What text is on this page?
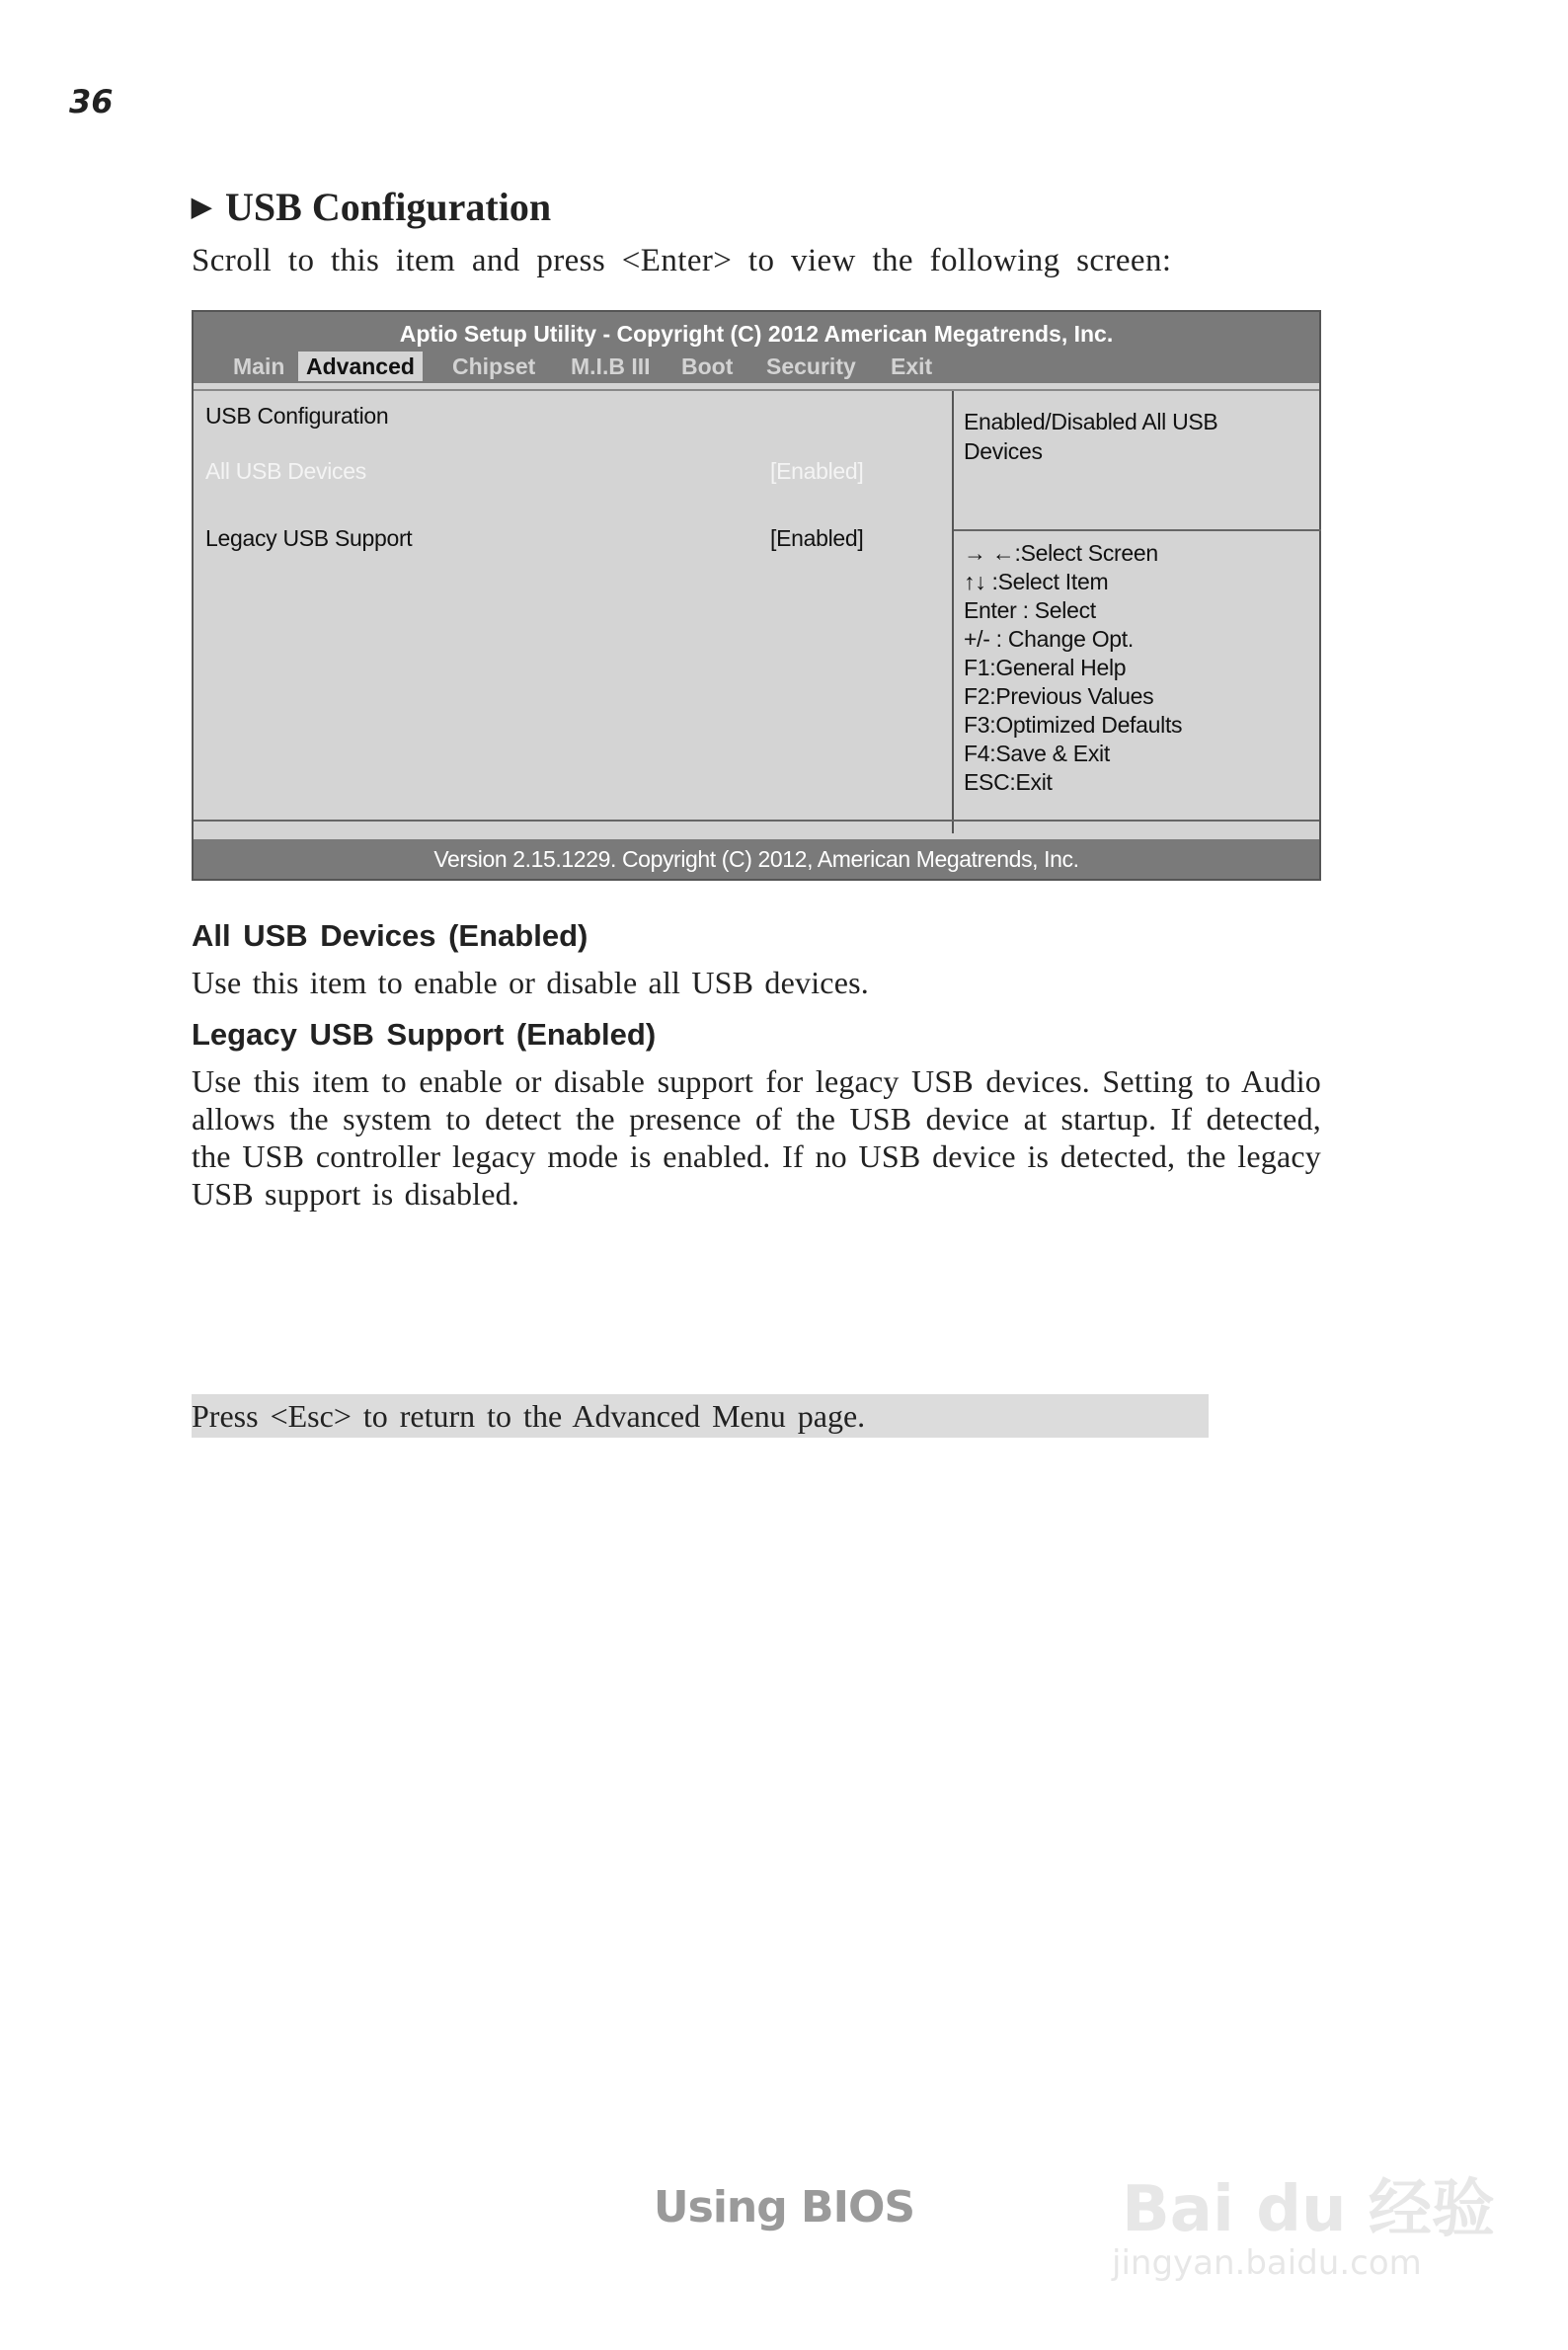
36
▶ USB Configuration
Scroll to this item and press <Enter> to view the following screen:
Aptio Setup Utility - Copyright (C) 2012 American Megatrends, Inc.
Main Advanced	Chipset M.I.B III Boot Security Exit
USB Configuration
All USB Devices	[Enabled]
Legacy USB Support	[Enabled]
Enabled/Disabled All USB Devices
→ ←:Select Screen
↑↓ :Select Item
Enter : Select
+/- : Change Opt.
F1:General Help
F2:Previous Values
F3:Optimized Defaults
F4:Save & Exit
ESC:Exit
Version 2.15.1229. Copyright (C) 2012, American Megatrends, Inc.
All USB Devices (Enabled)
Use this item to enable or disable all USB devices.
Legacy USB Support (Enabled)
Use this item to enable or disable support for legacy USB devices. Setting to Audio allows the system to detect the presence of the USB device at startup. If detected, the USB controller legacy mode is enabled. If no USB device is detected, the legacy USB support is disabled.
Press <Esc> to return to the Advanced Menu page.
Using BIOS	Bai du 经验
jingyan.baidu.com
